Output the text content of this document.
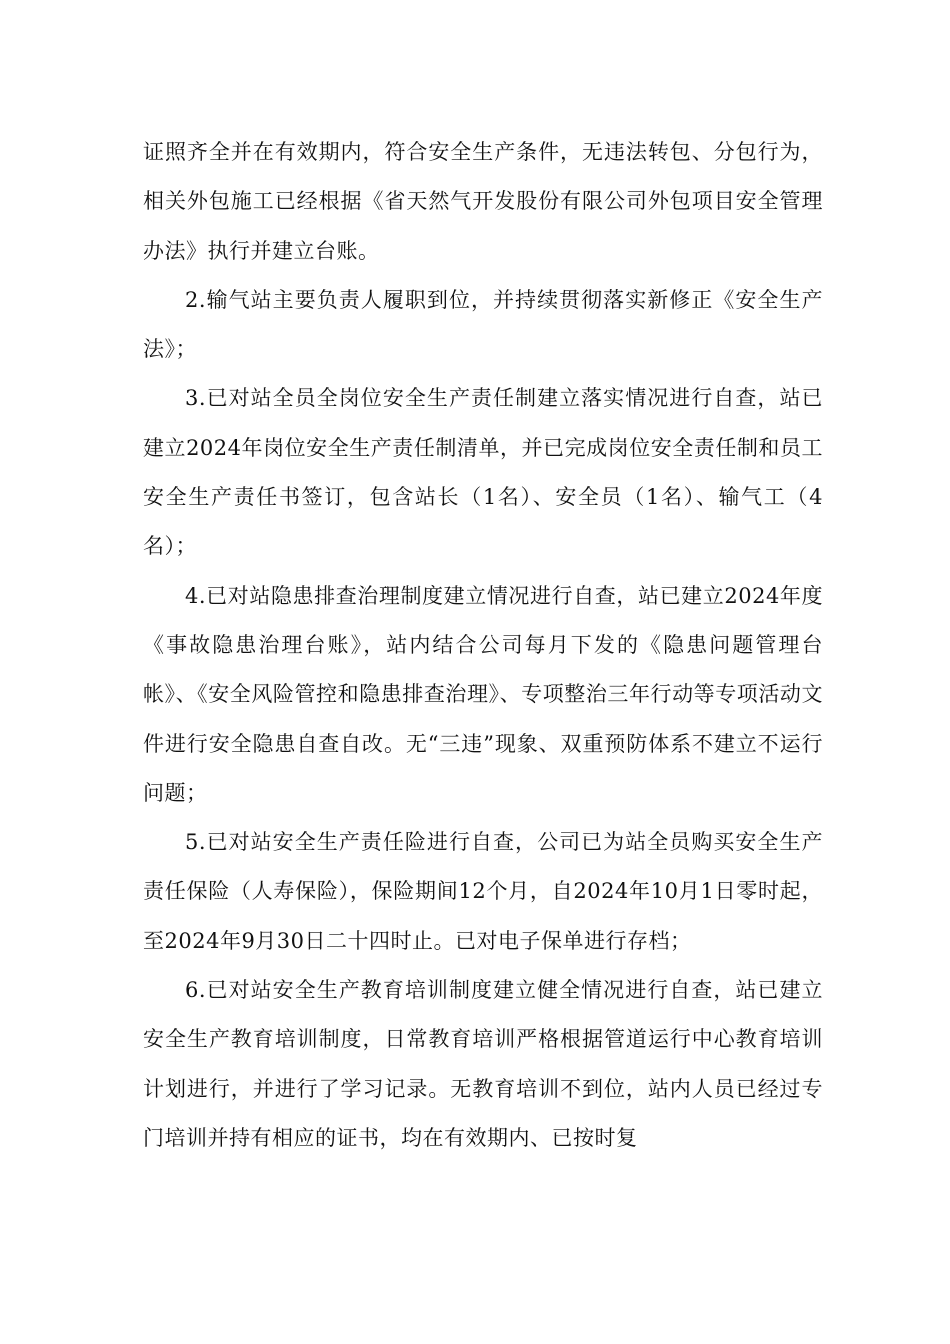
证照齐全并在有效期内，符合安全生产条件，无违法转包、分包行为，相关外包施工已经根据《省天然气开发股份有限公司外包项目安全管理办法》执行并建立台账。

2.输气站主要负责人履职到位，并持续贯彻落实新修正《安全生产法》；

3.已对站全员全岗位安全生产责任制建立落实情况进行自查，站已建立2024年岗位安全生产责任制清单，并已完成岗位安全责任制和员工安全生产责任书签订，包含站长（1名）、安全员（1名）、输气工（4名）；

4.已对站隐患排查治理制度建立情况进行自查，站已建立2024年度《事故隐患治理台账》，站内结合公司每月下发的《隐患问题管理台帐》、《安全风险管控和隐患排查治理》、专项整治三年行动等专项活动文件进行安全隐患自查自改。无“三违”现象、双重预防体系不建立不运行问题；

5.已对站安全生产责任险进行自查，公司已为站全员购买安全生产责任保险（人寿保险），保险期间12个月，自2024年10月1日零时起，至2024年9月30日二十四时止。已对电子保单进行存档；

6.已对站安全生产教育培训制度建立健全情况进行自查，站已建立安全生产教育培训制度，日常教育培训严格根据管道运行中心教育培训计划进行，并进行了学习记录。无教育培训不到位，站内人员已经过专门培训并持有相应的证书，均在有效期内、已按时复
